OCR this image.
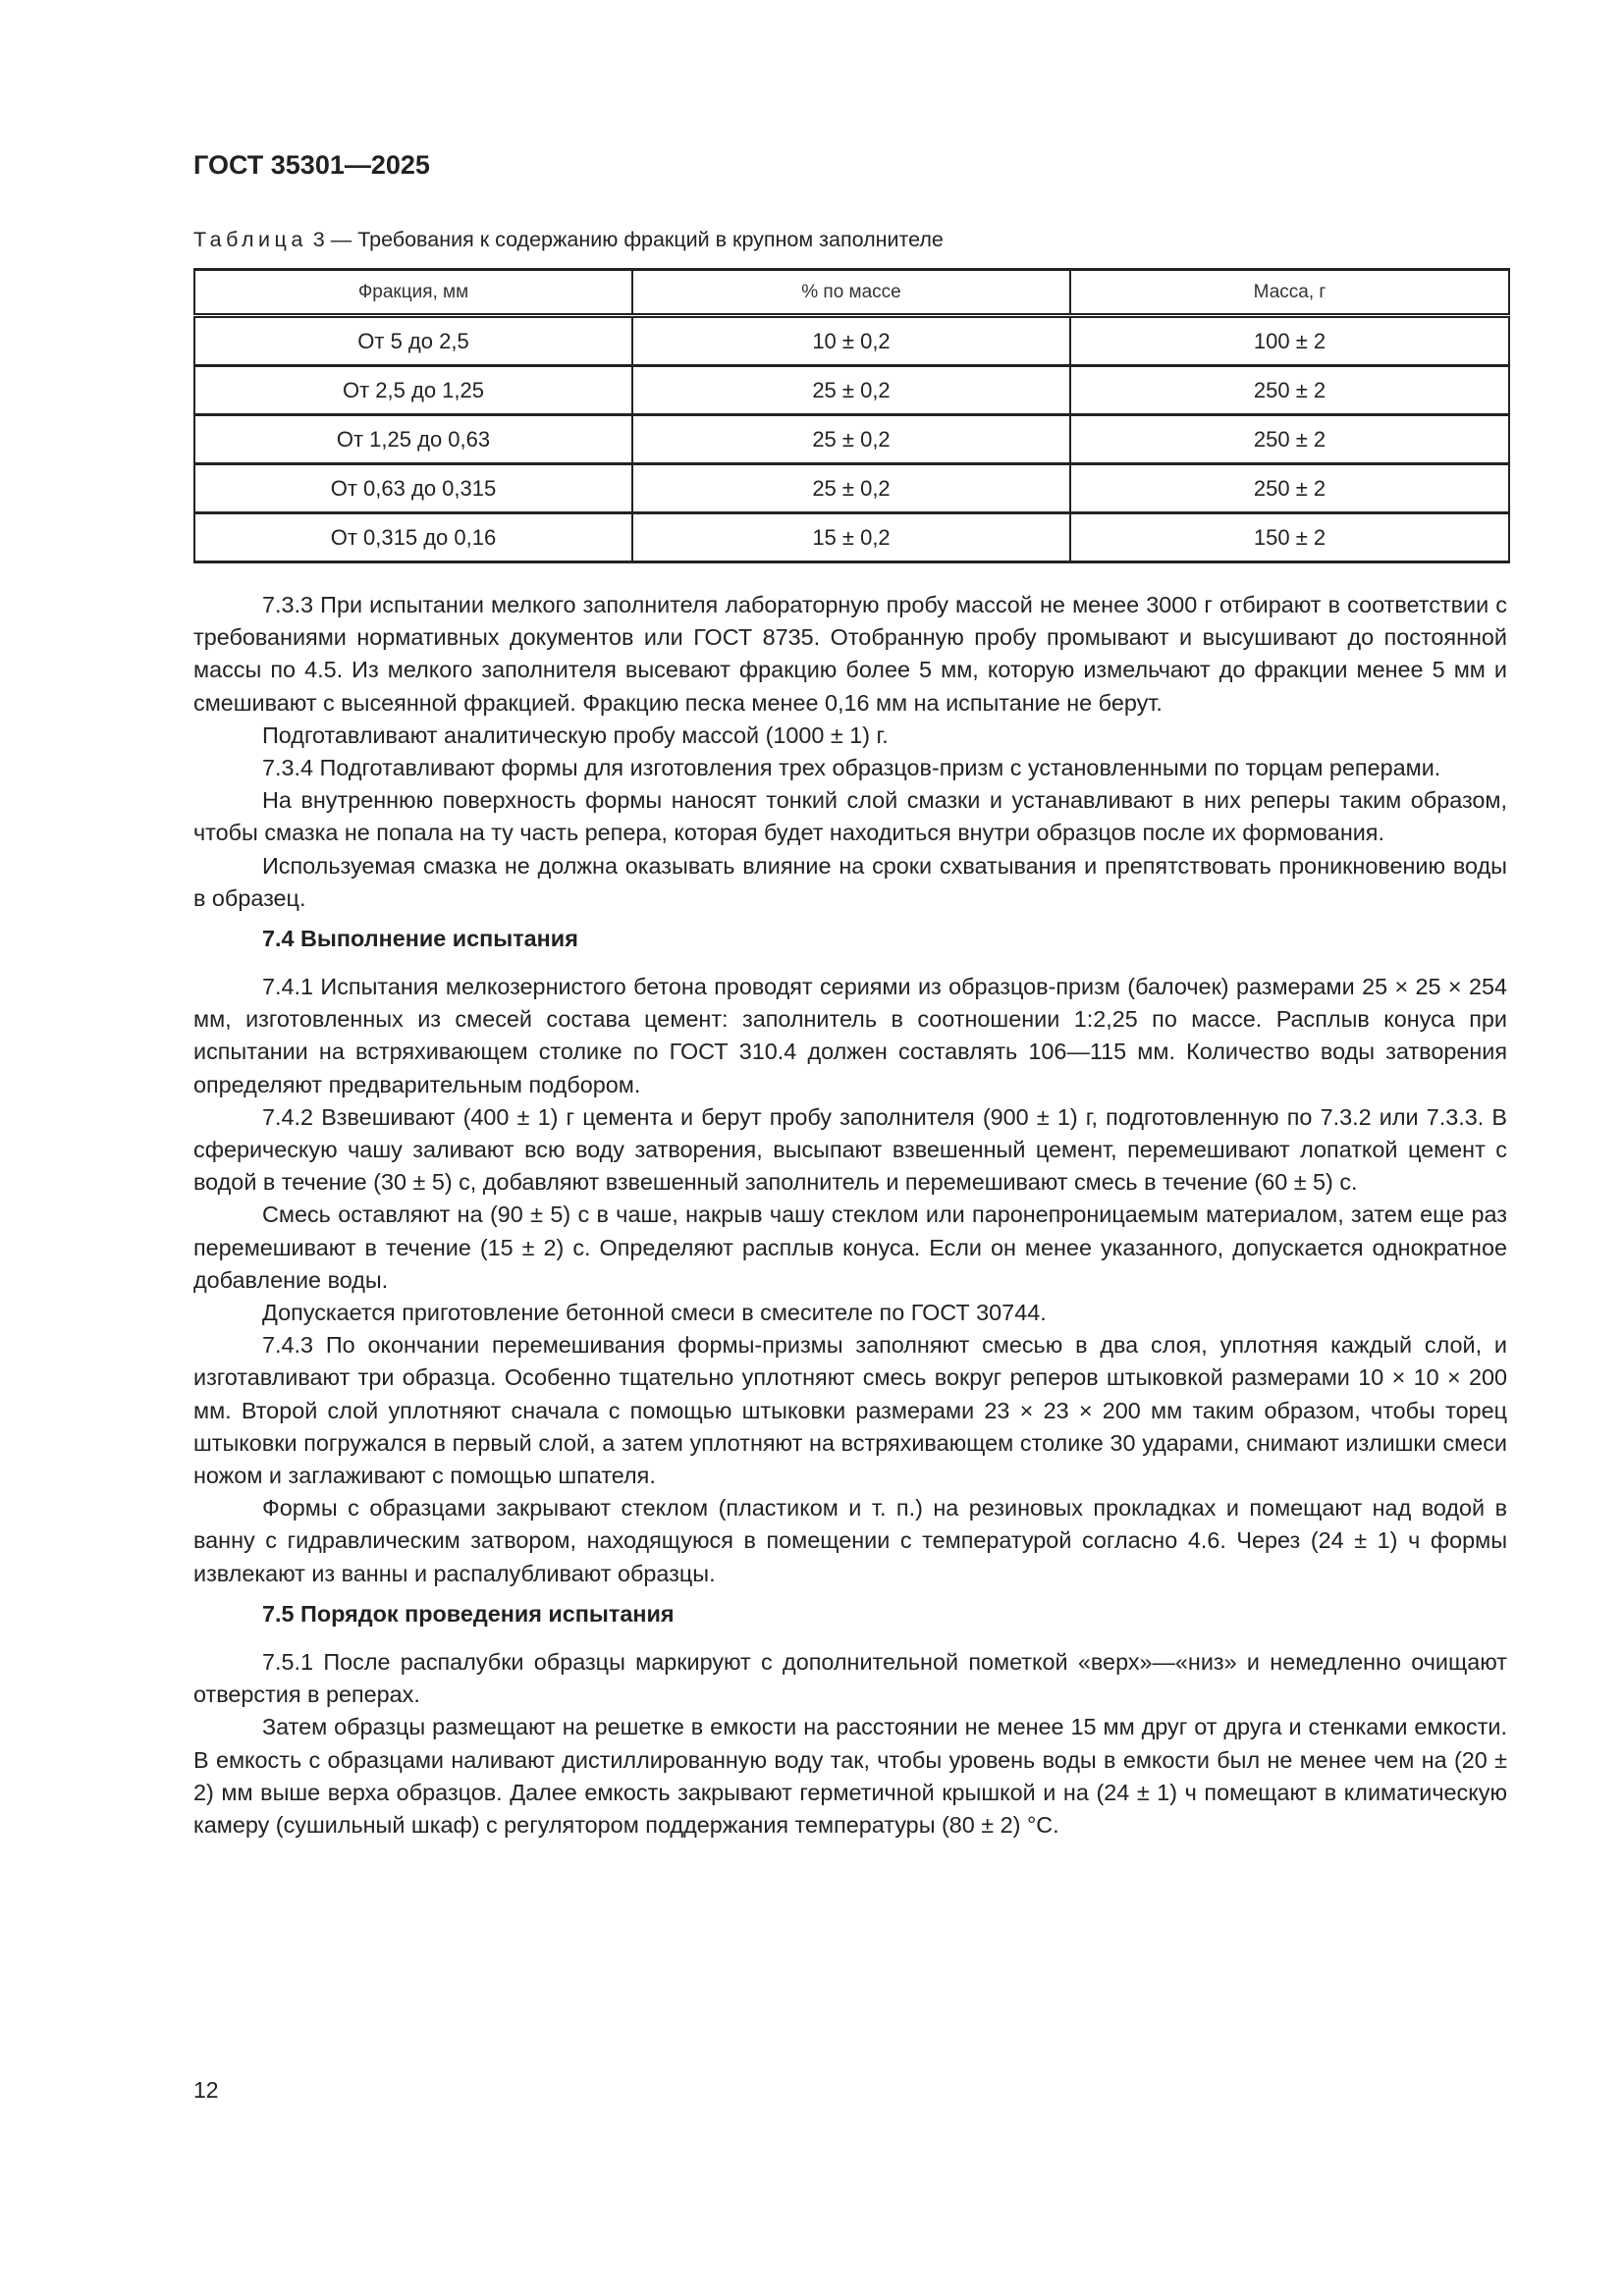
ГОСТ 35301—2025
Таблица 3 — Требования к содержанию фракций в крупном заполнителе
Фракция, мм	% по массе	Масса, г
От 5 до 2,5	10 ± 0,2	100 ± 2
От 2,5 до 1,25	25 ± 0,2	250 ± 2
От 1,25 до 0,63	25 ± 0,2	250 ± 2
От 0,63 до 0,315	25 ± 0,2	250 ± 2
От 0,315 до 0,16	15 ± 0,2	150 ± 2

7.3.3 При испытании мелкого заполнителя лабораторную пробу массой не менее 3000 г отбирают в соответствии с требованиями нормативных документов или ГОСТ 8735. Отобранную пробу промывают и высушивают до постоянной массы по 4.5. Из мелкого заполнителя высевают фракцию более 5 мм, которую измельчают до фракции менее 5 мм и смешивают с высеянной фракцией. Фракцию песка менее 0,16 мм на испытание не берут.

Подготавливают аналитическую пробу массой (1000 ± 1) г.

7.3.4 Подготавливают формы для изготовления трех образцов-призм с установленными по торцам реперами.

На внутреннюю поверхность формы наносят тонкий слой смазки и устанавливают в них реперы таким образом, чтобы смазка не попала на ту часть репера, которая будет находиться внутри образцов после их формования.

Используемая смазка не должна оказывать влияние на сроки схватывания и препятствовать проникновению воды в образец.

7.4 Выполнение испытания

7.4.1 Испытания мелкозернистого бетона проводят сериями из образцов-призм (балочек) размерами 25 × 25 × 254 мм, изготовленных из смесей состава цемент: заполнитель в соотношении 1:2,25 по массе. Расплыв конуса при испытании на встряхивающем столике по ГОСТ 310.4 должен составлять 106—115 мм. Количество воды затворения определяют предварительным подбором.

7.4.2 Взвешивают (400 ± 1) г цемента и берут пробу заполнителя (900 ± 1) г, подготовленную по 7.3.2 или 7.3.3. В сферическую чашу заливают всю воду затворения, высыпают взвешенный цемент, перемешивают лопаткой цемент с водой в течение (30 ± 5) с, добавляют взвешенный заполнитель и перемешивают смесь в течение (60 ± 5) с.

Смесь оставляют на (90 ± 5) с в чаше, накрыв чашу стеклом или паронепроницаемым материалом, затем еще раз перемешивают в течение (15 ± 2) с. Определяют расплыв конуса. Если он менее указанного, допускается однократное добавление воды.

Допускается приготовление бетонной смеси в смесителе по ГОСТ 30744.

7.4.3 По окончании перемешивания формы-призмы заполняют смесью в два слоя, уплотняя каждый слой, и изготавливают три образца. Особенно тщательно уплотняют смесь вокруг реперов штыковкой размерами 10 × 10 × 200 мм. Второй слой уплотняют сначала с помощью штыковки размерами 23 × 23 × 200 мм таким образом, чтобы торец штыковки погружался в первый слой, а затем уплотняют на встряхивающем столике 30 ударами, снимают излишки смеси ножом и заглаживают с помощью шпателя.

Формы с образцами закрывают стеклом (пластиком и т. п.) на резиновых прокладках и помещают над водой в ванну с гидравлическим затвором, находящуюся в помещении с температурой согласно 4.6. Через (24 ± 1) ч формы извлекают из ванны и распалубливают образцы.

7.5 Порядок проведения испытания

7.5.1 После распалубки образцы маркируют с дополнительной пометкой «верх»—«низ» и немедленно очищают отверстия в реперах.

Затем образцы размещают на решетке в емкости на расстоянии не менее 15 мм друг от друга и стенками емкости. В емкость с образцами наливают дистиллированную воду так, чтобы уровень воды в емкости был не менее чем на (20 ± 2) мм выше верха образцов. Далее емкость закрывают герметичной крышкой и на (24 ± 1) ч помещают в климатическую камеру (сушильный шкаф) с регулятором поддержания температуры (80 ± 2) °С.

12
